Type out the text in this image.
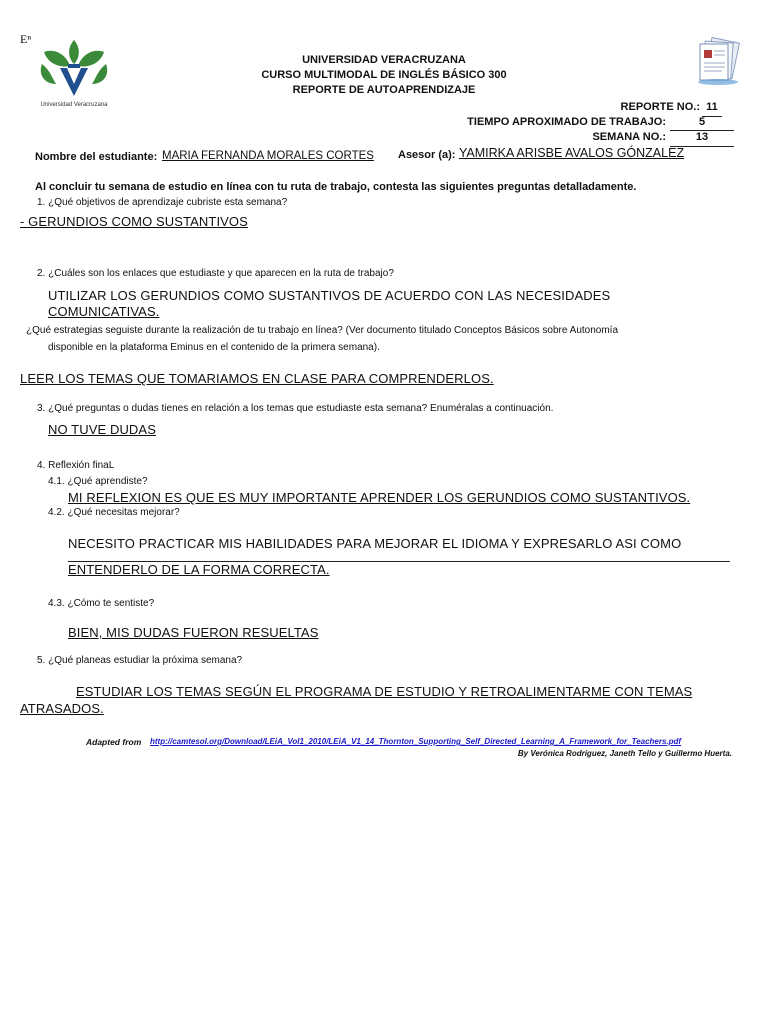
Eⁿ
Universidad Veracruzana
UNIVERSIDAD VERACRUZANA
CURSO MULTIMODAL DE INGLÉS BÁSICO 300
REPORTE DE AUTOAPRENDIZAJE
REPORTE NO.: 11
TIEMPO APROXIMADO DE TRABAJO:	5
SEMANA NO.:	13
Nombre del estudiante: MARIA FERNANDA MORALES CORTES Asesor (a): YAMIRKA ARISBE AVALOS GÓNZALEZ
Al concluir tu semana de estudio en línea con tu ruta de trabajo, contesta las siguientes preguntas detalladamente.
1. ¿Qué objetivos de aprendizaje cubriste esta semana?
- GERUNDIOS COMO SUSTANTIVOS
2. ¿Cuáles son los enlaces que estudiaste y que aparecen en la ruta de trabajo?
UTILIZAR LOS GERUNDIOS COMO SUSTANTIVOS DE ACUERDO CON LAS NECESIDADES
COMUNICATIVAS.
¿Qué estrategias seguiste durante la realización de tu trabajo en línea? (Ver documento titulado Conceptos Básicos sobre Autonomía
disponible en la plataforma Eminus en el contenido de la primera semana).
LEER LOS TEMAS QUE TOMARIAMOS EN CLASE PARA COMPRENDERLOS.
3. ¿Qué preguntas o dudas tienes en relación a los temas que estudiaste esta semana? Enuméralas a continuación.
NO TUVE DUDAS
4. Reflexión finaL
4.1. ¿Qué aprendiste?
MI REFLEXION ES QUE ES MUY IMPORTANTE APRENDER LOS GERUNDIOS COMO SUSTANTIVOS.
4.2. ¿Qué necesitas mejorar?
NECESITO PRACTICAR MIS HABILIDADES PARA MEJORAR EL IDIOMA Y EXPRESARLO ASI COMO
ENTENDERLO DE LA FORMA CORRECTA.
4.3. ¿Cómo te sentiste?
BIEN, MIS DUDAS FUERON RESUELTAS
5. ¿Qué planeas estudiar la próxima semana?
ESTUDIAR LOS TEMAS SEGÚN EL PROGRAMA DE ESTUDIO Y RETROALIMENTARME CON TEMAS
ATRASADOS.
Adapted from http://camtesol.org/Download/LEiA_Vol1_2010/LEiA_V1_14_Thornton_Supporting_Self_Directed_Learning_A_Framework_for_Teachers.pdf
By Verónica Rodríguez, Janeth Tello y Guillermo Huerta.
